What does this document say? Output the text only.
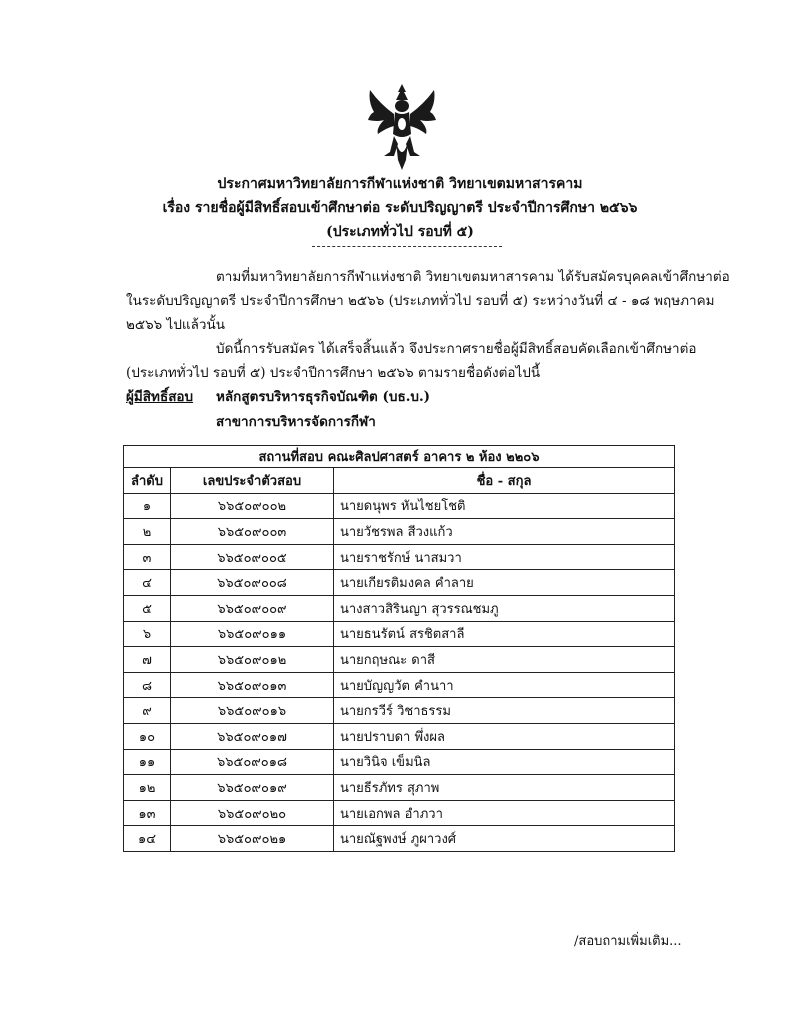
ประกาศมหาวิทยาลัยการกีฬาแห่งชาติ วิทยาเขตมหาสารคาม
เรื่อง รายชื่อผู้มีสิทธิ์สอบเข้าศึกษาต่อ ระดับปริญญาตรี ประจำปีการศึกษา ๒๕๖๖
(ประเภททั่วไป รอบที่ ๕)
ตามที่มหาวิทยาลัยการกีฬาแห่งชาติ วิทยาเขตมหาสารคาม ได้รับสมัครบุคคลเข้าศึกษาต่อ
ในระดับปริญญาตรี ประจำปีการศึกษา ๒๕๖๖ (ประเภททั่วไป รอบที่ ๕) ระหว่างวันที่ ๔ - ๑๘ พฤษภาคม
๒๕๖๖ ไปแล้วนั้น
บัดนี้การรับสมัคร ได้เสร็จสิ้นแล้ว จึงประกาศรายชื่อผู้มีสิทธิ์สอบคัดเลือกเข้าศึกษาต่อ
(ประเภททั่วไป รอบที่ ๕) ประจำปีการศึกษา ๒๕๖๖ ตามรายชื่อดังต่อไปนี้
ผู้มีสิทธิ์สอบ หลักสูตรบริหารธุรกิจบัณฑิต (บธ.บ.)
สาขาการบริหารจัดการกีฬา
สถานที่สอบ คณะศิลปศาสตร์ อาคาร ๒ ห้อง ๒๒๐๖		
ลำดับ	เลขประจำตัวสอบ	ชื่อ - สกุล
๑	๖๖๕๐๙๐๐๒	นายดนุพร หันไชยโชติ
๒	๖๖๕๐๙๐๐๓	นายวัชรพล สีวงแก้ว
๓	๖๖๕๐๙๐๐๕	นายราชรักษ์ นาสมวา
๔	๖๖๕๐๙๐๐๘	นายเกียรติมงคล คำลาย
๕	๖๖๕๐๙๐๐๙	นางสาวสิรินญา สุวรรณชมภู
๖	๖๖๕๐๙๐๑๑	นายธนรัตน์ สรชิตสาลี
๗	๖๖๕๐๙๐๑๒	นายกฤษณะ ดาสี
๘	๖๖๕๐๙๐๑๓	นายบัญญวัต คำนาา
๙	๖๖๕๐๙๐๑๖	นายกรวีร์ วิชาธรรม
๑๐	๖๖๕๐๙๐๑๗	นายปราบดา พึ่งผล
๑๑	๖๖๕๐๙๐๑๘	นายวินิจ เข็มนิล
๑๒	๖๖๕๐๙๐๑๙	นายธีรภัทร สุภาพ
๑๓	๖๖๕๐๙๐๒๐	นายเอกพล อำภวา
๑๔	๖๖๕๐๙๐๒๑	นายณัฐพงษ์ ภูผาวงศ์
/สอบถามเพิ่มเติม...
